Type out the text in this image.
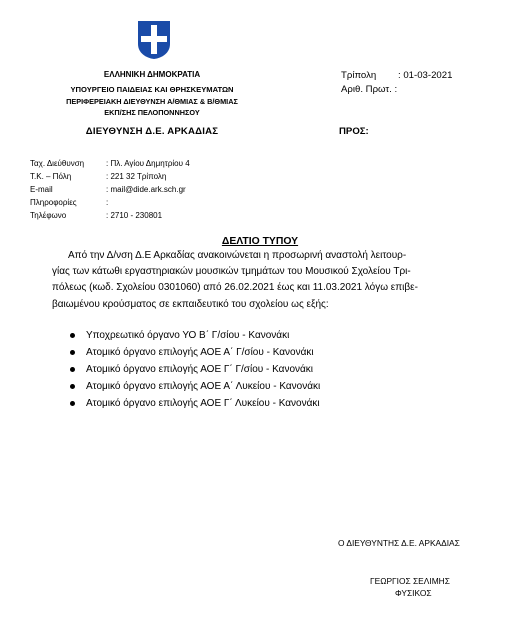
ΕΛΛΗΝΙΚΗ ΔΗΜΟΚΡΑΤΙΑ
ΥΠΟΥΡΓΕΙΟ ΠΑΙΔΕΙΑΣ ΚΑΙ ΘΡΗΣΚΕΥΜΑΤΩΝ
ΠΕΡΙΦΕΡΕΙΑΚΗ ΔΙΕΥΘΥΝΣΗ Α/ΘΜΙΑΣ & Β/ΘΜΙΑΣ
ΕΚΠ/ΣΗΣ ΠΕΛΟΠΟΝΝΗΣΟΥ
ΔΙΕΥΘΥΝΣΗ Δ.Ε. ΑΡΚΑΔΙΑΣ
Τρίπολη : 01-03-2021
Αριθ. Πρωτ. :
ΠΡΟΣ:
Ταχ. Διεύθυνση	: Πλ. Αγίου Δημητρίου 4
Τ.Κ. – Πόλη	: 221 32 Τρίπολη
E-mail	: mail@dide.ark.sch.gr
Πληροφορίες	:
Τηλέφωνο	: 2710 - 230801
ΔΕΛΤΙΟ ΤΥΠΟΥ
Από την Δ/νση Δ.Ε Αρκαδίας ανακοινώνεται η προσωρινή αναστολή λειτουρ-
γίας των κάτωθι εργαστηριακών μουσικών τμημάτων του Μουσικού Σχολείου Τρι-
πόλεως (κωδ. Σχολείου 0301060) από 26.02.2021 έως και 11.03.2021 λόγω επιβε-
βαιωμένου κρούσματος σε εκπαιδευτικό του σχολείου ως εξής:
Υποχρεωτικό όργανο ΥΟ Β΄ Γ/σίου - Κανονάκι
Ατομικό όργανο επιλογής ΑΟΕ Α΄ Γ/σίου - Κανονάκι
Ατομικό όργανο επιλογής ΑΟΕ Γ΄ Γ/σίου - Κανονάκι
Ατομικό όργανο επιλογής ΑΟΕ Α΄ Λυκείου - Κανονάκι
Ατομικό όργανο επιλογής ΑΟΕ Γ΄ Λυκείου - Κανονάκι
Ο ΔΙΕΥΘΥΝΤΗΣ Δ.Ε. ΑΡΚΑΔΙΑΣ
ΓΕΩΡΓΙΟΣ ΣΕΛΙΜΗΣ
ΦΥΣΙΚΟΣ
